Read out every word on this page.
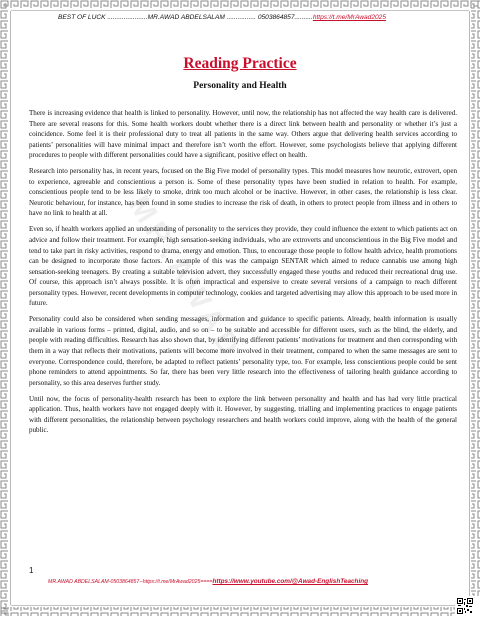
BEST OF LUCK ......................MR.AWAD ABDELSALAM ................ 0503864857..........https://t.me/MrAwad2025
MR.AWAD
Reading Practice
Personality and Health

There is increasing evidence that health is linked to personality. However, until now, the relationship has not affected the way health care is delivered. There are several reasons for this. Some health workers doubt whether there is a direct link between health and personality or whether it’s just a coincidence. Some feel it is their professional duty to treat all patients in the same way. Others argue that delivering health services according to patients’ personalities will have minimal impact and therefore isn’t worth the effort. However, some psychologists believe that applying different procedures to people with different personalities could have a significant, positive effect on health.

Research into personality has, in recent years, focused on the Big Five model of personality types. This model measures how neurotic, extrovert, open to experience, agreeable and conscientious a person is. Some of these personality types have been studied in relation to health. For example, conscientious people tend to be less likely to smoke, drink too much alcohol or be inactive. However, in other cases, the relationship is less clear. Neurotic behaviour, for instance, has been found in some studies to increase the risk of death, in others to protect people from illness and in others to have no link to health at all.

Even so, if health workers applied an understanding of personality to the services they provide, they could influence the extent to which patients act on advice and follow their treatment. For example, high sensation-seeking individuals, who are extroverts and unconscientious in the Big Five model and tend to take part in risky activities, respond to drama, energy and emotion. Thus, to encourage those people to follow health advice, health promotions can be designed to incorporate those factors. An example of this was the campaign SENTAR which aimed to reduce cannabis use among high sensation-seeking teenagers. By creating a suitable television advert, they successfully engaged these youths and reduced their recreational drug use. Of course, this approach isn’t always possible. It is often impractical and expensive to create several versions of a campaign to reach different personality types. However, recent developments in computer technology, cookies and targeted advertising may allow this approach to be used more in future.

Personality could also be considered when sending messages, information and guidance to specific patients. Already, health information is usually available in various forms – printed, digital, audio, and so on – to be suitable and accessible for different users, such as the blind, the elderly, and people with reading difficulties. Research has also shown that, by identifying different patients’ motivations for treatment and then corresponding with them in a way that reflects their motivations, patients will become more involved in their treatment, compared to when the same messages are sent to everyone. Correspondence could, therefore, be adapted to reflect patients’ personality type, too. For example, less conscientious people could be sent phone reminders to attend appointments. So far, there has been very little research into the effectiveness of tailoring health guidance according to personality, so this area deserves further study.

Until now, the focus of personality-health research has been to explore the link between personality and health and has had very little practical application. Thus, health workers have not engaged deeply with it. However, by suggesting, trialling and implementing practices to engage patients with different personalities, the relationship between psychology researchers and health workers could improve, along with the health of the general public.

1
MR.AWAD ABDELSALAM-0503864857--https://t.me/MrAwad2025====https://www.youtube.com/@Awad-EnglishTeaching
